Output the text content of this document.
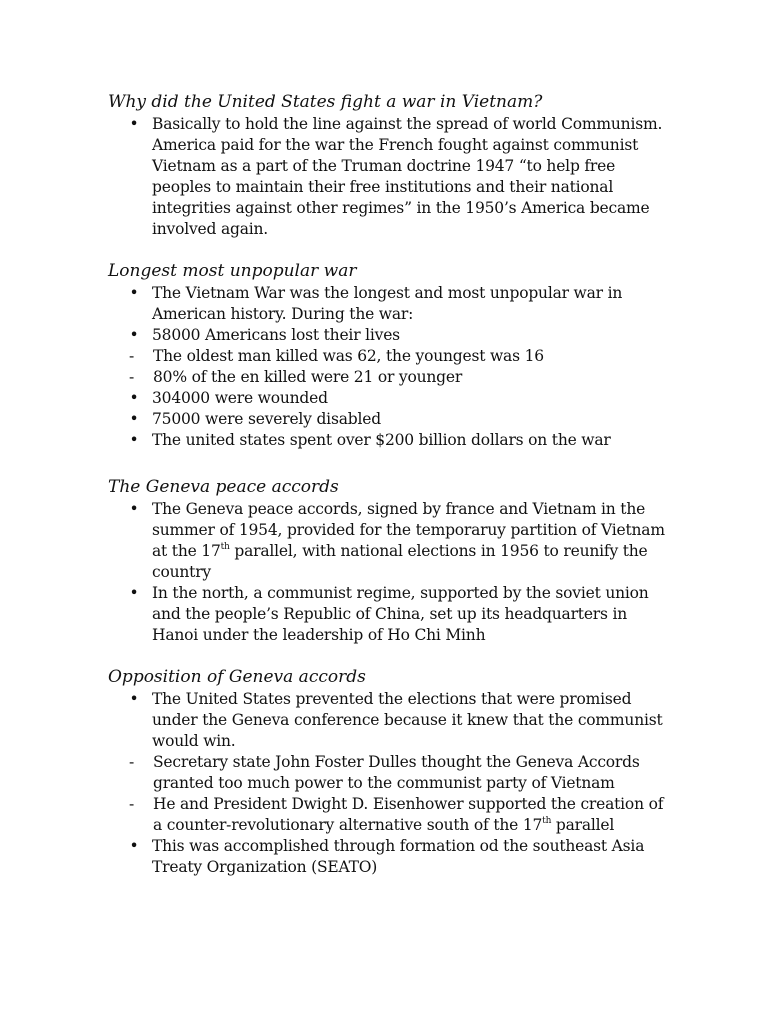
Why did the United States fight a war in Vietnam?
• Basically to hold the line against the spread of world Communism. America paid for the war the French fought against communist Vietnam as a part of the Truman doctrine 1947 “to help free peoples to maintain their free institutions and their national integrities against other regimes” in the 1950’s America became involved again.
Longest most unpopular war
• The Vietnam War was the longest and most unpopular war in American history. During the war:
• 58000 Americans lost their lives
- The oldest man killed was 62, the youngest was 16
- 80% of the en killed were 21 or younger
• 304000 were wounded
• 75000 were severely disabled
• The united states spent over $200 billion dollars on the war
The Geneva peace accords
• The Geneva peace accords, signed by france and Vietnam in the summer of 1954, provided for the temporaruy partition of Vietnam at the 17th parallel, with national elections in 1956 to reunify the country
• In the north, a communist regime, supported by the soviet union and the people’s Republic of China, set up its headquarters in Hanoi under the leadership of Ho Chi Minh
Opposition of Geneva accords
• The United States prevented the elections that were promised under the Geneva conference because it knew that the communist would win.
- Secretary state John Foster Dulles thought the Geneva Accords granted too much power to the communist party of Vietnam
- He and President Dwight D. Eisenhower supported the creation of a counter-revolutionary alternative south of the 17th parallel
• This was accomplished through formation od the southeast Asia Treaty Organization (SEATO)
